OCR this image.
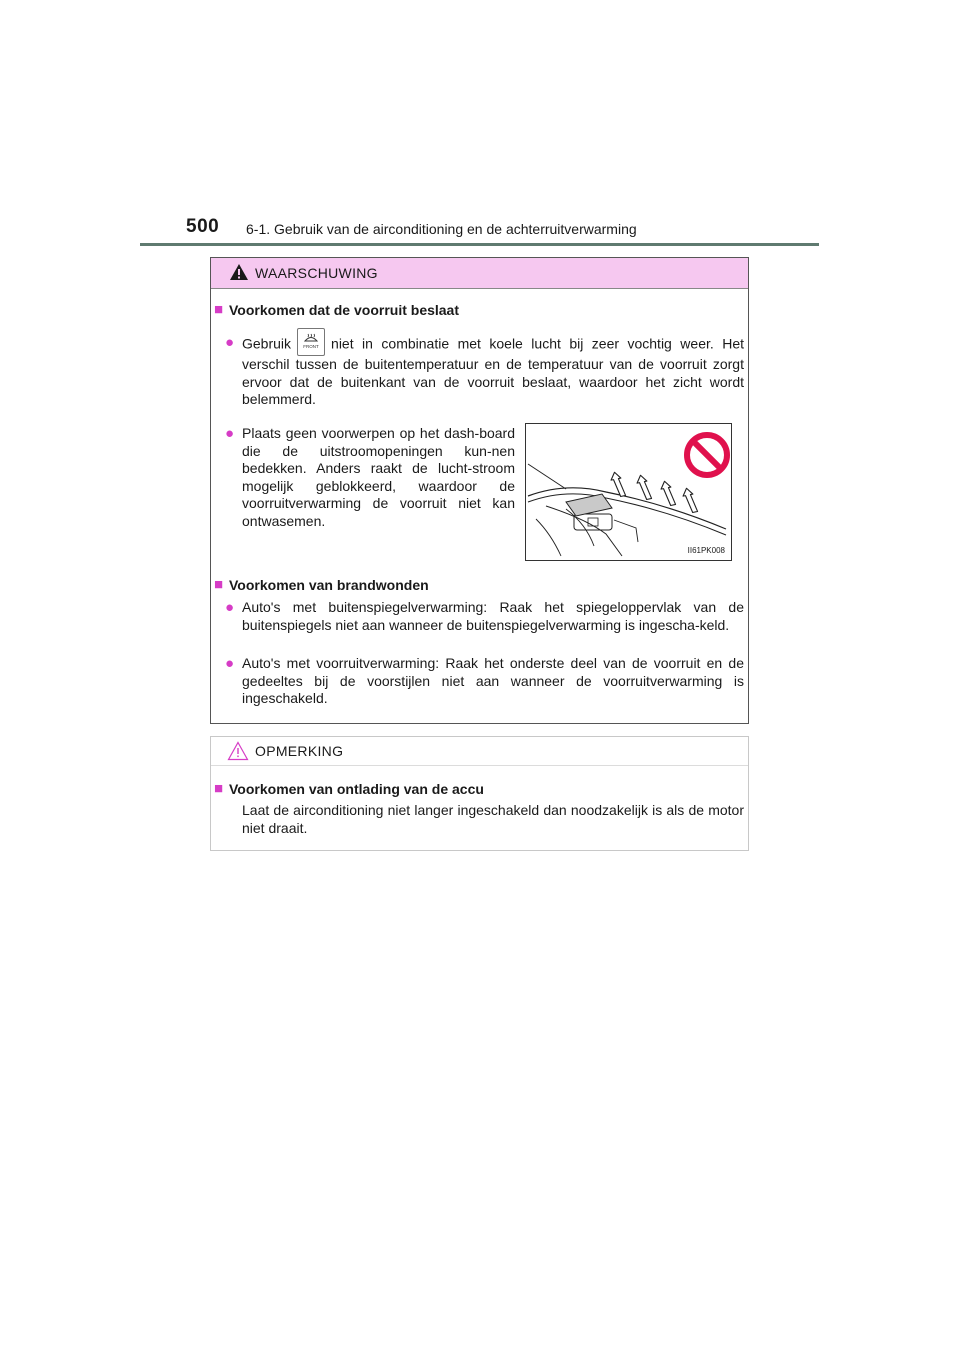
500 6-1. Gebruik van de airconditioning en de achterruitverwarming
WAARSCHUWING
■ Voorkomen dat de voorruit beslaat
● Gebruik	FRONT niet in combinatie met koele lucht bij zeer vochtig weer. Het verschil tussen de buitentemperatuur en de temperatuur van de voorruit zorgt ervoor dat de buitenkant van de voorruit beslaat, waardoor het zicht wordt belemmerd.
● Plaats geen voorwerpen op het dash-board die de uitstroomopeningen kun-nen bedekken. Anders raakt de lucht-stroom mogelijk geblokkeerd, waardoor de voorruitverwarming de voorruit niet kan ontwasemen.
■ Voorkomen van brandwonden
● Auto's met buitenspiegelverwarming: Raak het spiegeloppervlak van de buitenspiegels niet aan wanneer de buitenspiegelverwarming is ingescha-keld.
● Auto's met voorruitverwarming: Raak het onderste deel van de voorruit en de gedeeltes bij de voorstijlen niet aan wanneer de voorruitverwarming is ingeschakeld.
II61PK008
OPMERKING
■ Voorkomen van ontlading van de accu
Laat de airconditioning niet langer ingeschakeld dan noodzakelijk is als de motor niet draait.
